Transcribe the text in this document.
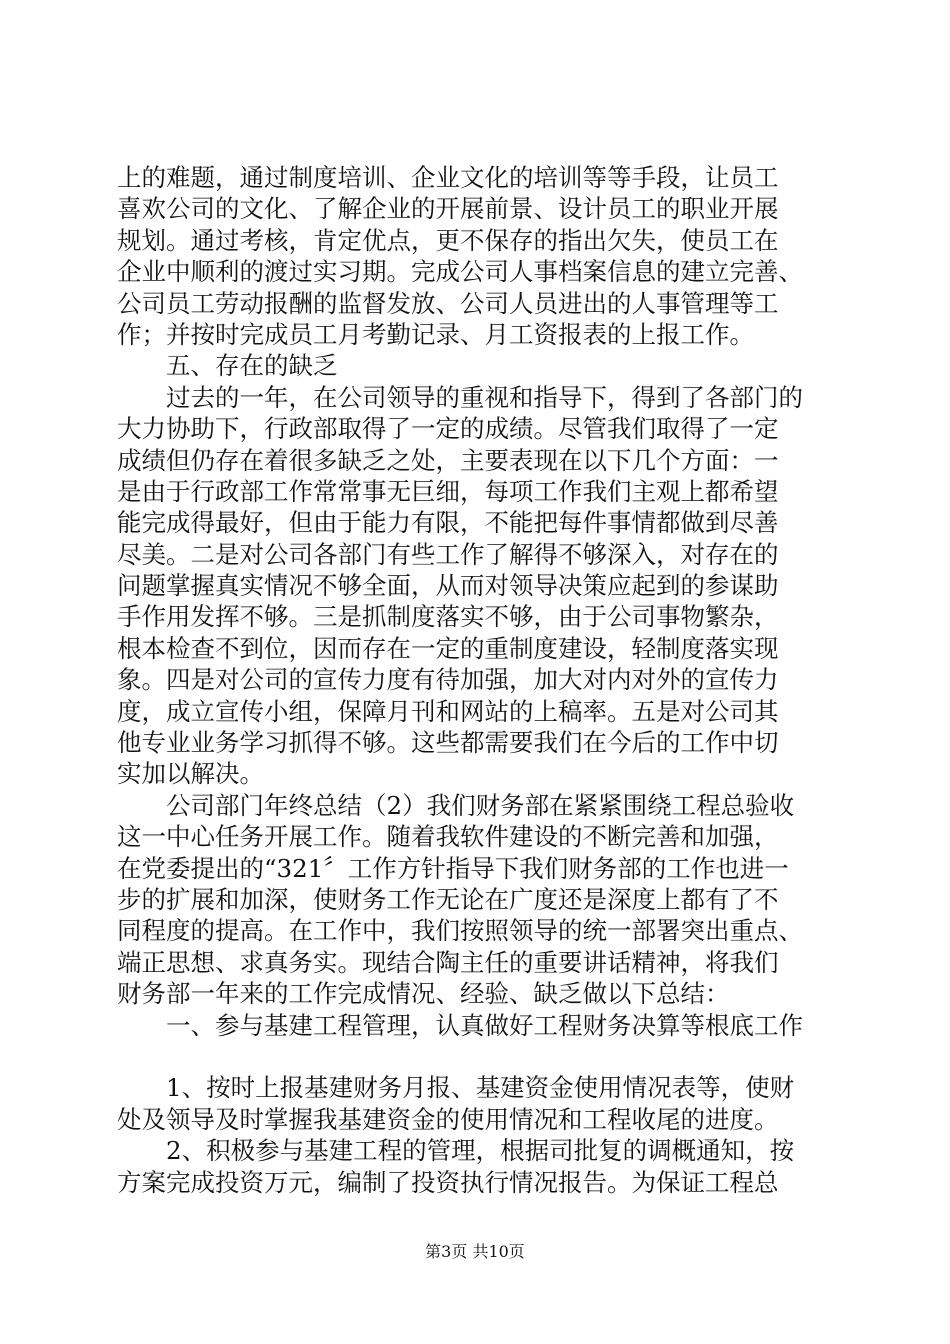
上的难题，通过制度培训、企业文化的培训等等手段，让员工
喜欢公司的文化、了解企业的开展前景、设计员工的职业开展
规划。通过考核，肯定优点，更不保存的指出欠失，使员工在
企业中顺利的渡过实习期。完成公司人事档案信息的建立完善、
公司员工劳动报酬的监督发放、公司人员进出的人事管理等工
作；并按时完成员工月考勤记录、月工资报表的上报工作。
五、存在的缺乏
过去的一年，在公司领导的重视和指导下，得到了各部门的
大力协助下，行政部取得了一定的成绩。尽管我们取得了一定
成绩但仍存在着很多缺乏之处，主要表现在以下几个方面：一
是由于行政部工作常常事无巨细，每项工作我们主观上都希望
能完成得最好，但由于能力有限，不能把每件事情都做到尽善
尽美。二是对公司各部门有些工作了解得不够深入，对存在的
问题掌握真实情况不够全面，从而对领导决策应起到的参谋助
手作用发挥不够。三是抓制度落实不够，由于公司事物繁杂，
根本检查不到位，因而存在一定的重制度建设，轻制度落实现
象。四是对公司的宣传力度有待加强，加大对内对外的宣传力
度，成立宣传小组，保障月刊和网站的上稿率。五是对公司其
他专业业务学习抓得不够。这些都需要我们在今后的工作中切
实加以解决。
公司部门年终总结（2）我们财务部在紧紧围绕工程总验收
这一中心任务开展工作。随着我软件建设的不断完善和加强，
在党委提出的“321〞工作方针指导下我们财务部的工作也进一
步的扩展和加深，使财务工作无论在广度还是深度上都有了不
同程度的提高。在工作中，我们按照领导的统一部署突出重点、
端正思想、求真务实。现结合陶主任的重要讲话精神，将我们
财务部一年来的工作完成情况、经验、缺乏做以下总结：
一、参与基建工程管理，认真做好工程财务决算等根底工作
1、按时上报基建财务月报、基建资金使用情况表等，使财
处及领导及时掌握我基建资金的使用情况和工程收尾的进度。
2、积极参与基建工程的管理，根据司批复的调概通知，按
方案完成投资万元，编制了投资执行情况报告。为保证工程总
第3页 共10页
